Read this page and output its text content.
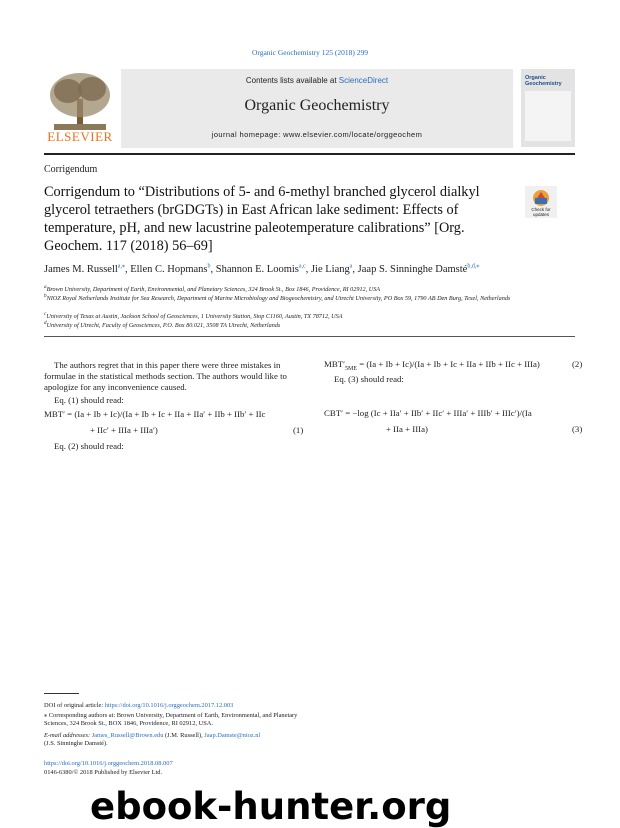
Organic Geochemistry 125 (2018) 299
ELSEVIER
Contents lists available at ScienceDirect
Organic Geochemistry
journal homepage: www.elsevier.com/locate/orggeochem
Organic Geochemistry
Corrigendum
Corrigendum to “Distributions of 5- and 6-methyl branched glycerol dialkyl glycerol tetraethers (brGDGTs) in East African lake sediment: Effects of temperature, pH, and new lacustrine paleotemperature calibrations” [Org. Geochem. 117 (2018) 56–69]
Check for updates
James M. Russell$^{a,⁎}$, Ellen C. Hopmans$^b$, Shannon E. Loomis$^{a,c}$, Jie Liang$^a$, Jaap S. Sinninghe Damsté$^{b,d,⁎}$
$^a$Brown University, Department of Earth, Environmental, and Planetary Sciences, 324 Brook St., Box 1846, Providence, RI 02912, USA
$^b$NIOZ Royal Netherlands Institute for Sea Research, Department of Marine Microbiology and Biogeochemistry, and Utrecht University, PO Box 59, 1790 AB Den Burg, Texel, Netherlands
$^c$University of Texas at Austin, Jackson School of Geosciences, 1 University Station, Stop C1160, Austin, TX 78712, USA
$^d$University of Utrecht, Faculty of Geosciences, P.O. Box 80.021, 3508 TA Utrecht, Netherlands
The authors regret that in this paper there were three mistakes in formulae in the statistical methods section. The authors would like to apologize for any inconvenience caused.
Eq. (1) should read:
MBT′ = (Ia + Ib + Ic)/(Ia + Ib + Ic + IIa + IIa′ + IIb + IIb′ + IIc
+ IIc′ + IIIa + IIIa′)	(1)
Eq. (2) should read:
$MBT'_{5ME} = (Ia + Ib + Ic)/(Ia + Ib + Ic$ + IIa + IIb + IIc + IIIa)	(2)
Eq. (3) should read:
CBT′ = −log (Ic + IIa′ + IIb′ + IIc′ + IIIa′ + IIIb′ + IIIc′)/(Ia
+ IIa + IIIa)	(3)
DOI of original article: https://doi.org/10.1016/j.orggeochem.2017.12.003
⁎ Corresponding authors at: Brown University, Department of Earth, Environmental, and Planetary Sciences, 324 Brook St., BOX 1846, Providence, RI 02912, USA.
E-mail addresses: James_Russell@Brown.edu (J.M. Russell), Jaap.Damste@nioz.nl
(J.S. Sinninghe Damsté).
https://doi.org/10.1016/j.orggeochem.2018.08.007
0146-6380/© 2018 Published by Elsevier Ltd.
ebook-hunter.org
